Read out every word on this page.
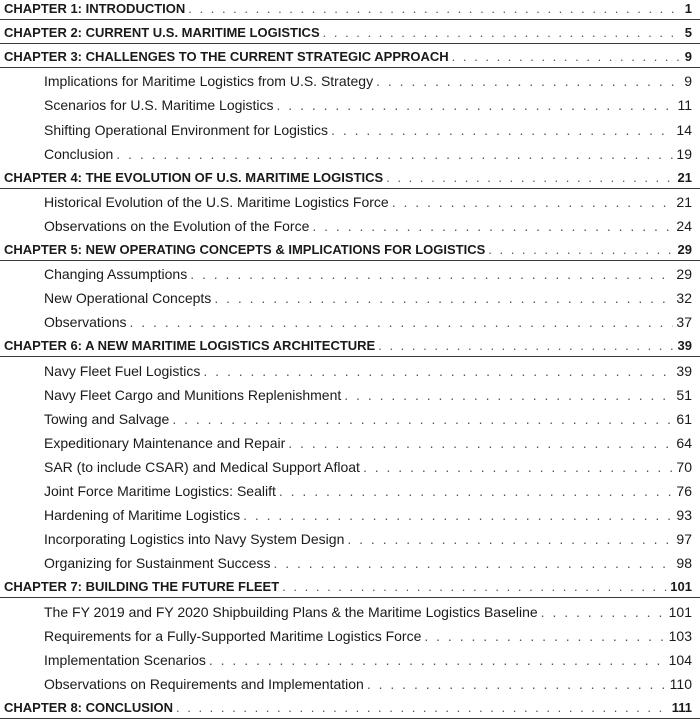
CHAPTER 1: INTRODUCTION . . .	1
CHAPTER 2: CURRENT U.S. MARITIME LOGISTICS . . .	5
CHAPTER 3: CHALLENGES TO THE CURRENT STRATEGIC APPROACH . . .	9
Implications for Maritime Logistics from U.S. Strategy . . .	9
Scenarios for U.S. Maritime Logistics . . .	11
Shifting Operational Environment for Logistics . . .	14
Conclusion . . .	19
CHAPTER 4: THE EVOLUTION OF U.S. MARITIME LOGISTICS . . .	21
Historical Evolution of the U.S. Maritime Logistics Force . . .	21
Observations on the Evolution of the Force . . .	24
CHAPTER 5: NEW OPERATING CONCEPTS & IMPLICATIONS FOR LOGISTICS . . .	29
Changing Assumptions . . .	29
New Operational Concepts . . .	32
Observations . . .	37
CHAPTER 6: A NEW MARITIME LOGISTICS ARCHITECTURE . . .	39
Navy Fleet Fuel Logistics . . .	39
Navy Fleet Cargo and Munitions Replenishment . . .	51
Towing and Salvage . . .	61
Expeditionary Maintenance and Repair . . .	64
SAR (to include CSAR) and Medical Support Afloat . . .	70
Joint Force Maritime Logistics: Sealift . . .	76
Hardening of Maritime Logistics . . .	93
Incorporating Logistics into Navy System Design . . .	97
Organizing for Sustainment Success . . .	98
CHAPTER 7: BUILDING THE FUTURE FLEET . . .	101
The FY 2019 and FY 2020 Shipbuilding Plans & the Maritime Logistics Baseline . . .	101
Requirements for a Fully-Supported Maritime Logistics Force . . .	103
Implementation Scenarios . . .	104
Observations on Requirements and Implementation . . .	110
CHAPTER 8: CONCLUSION . . .	111
